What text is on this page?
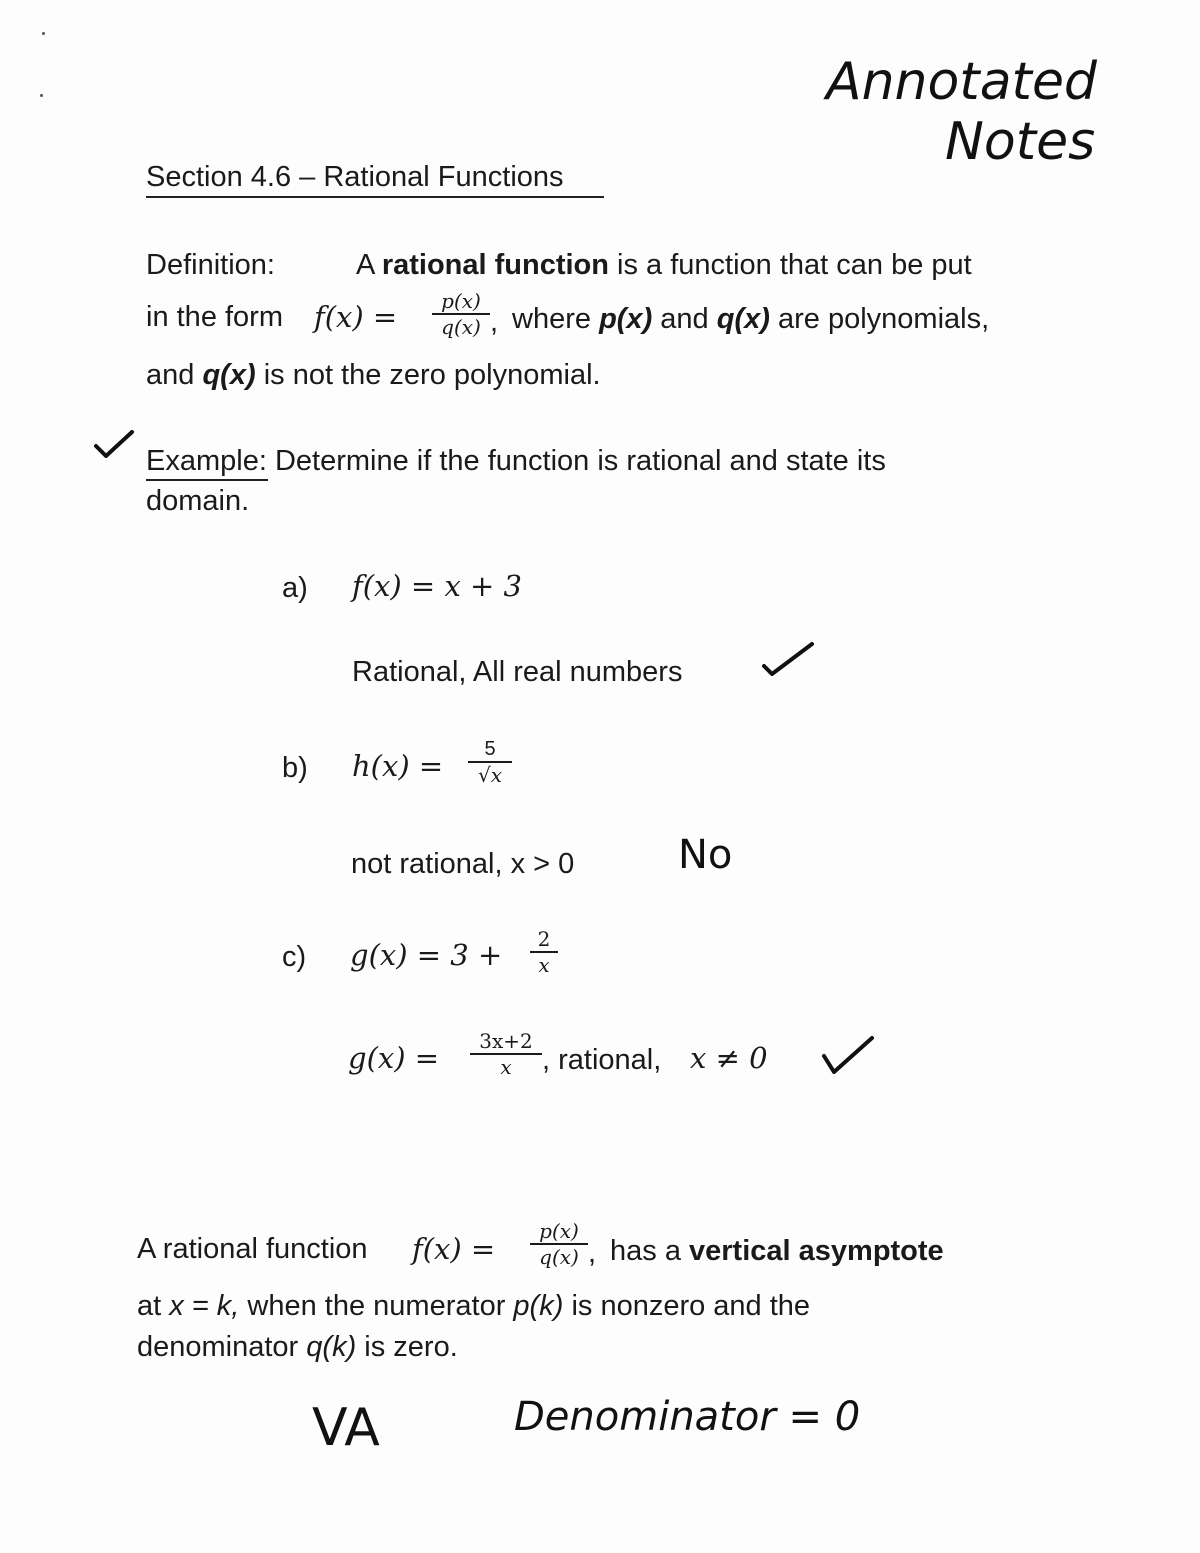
Annotated
Notes
Section 4.6 – Rational Functions
Definition:	A rational function is a function that can be put
in the form f(x) =	p(x)
q(x) , where p(x) and q(x) are polynomials,
and q(x) is not the zero polynomial.
Example: Determine if the function is rational and state its
domain.
a) f(x) = x + 3
Rational, All real numbers
b) h(x) =	5
√x
not rational, x > 0	No
c) g(x) = 3 +	2
x
g(x) =	3x+2
x	, rational, x ≠ 0
A rational function f(x) =
p(x)
q(x) , has a vertical asymptote
at x = k, when the numerator p(k) is nonzero and the
denominator q(k) is zero.
VA	Denominator = 0
